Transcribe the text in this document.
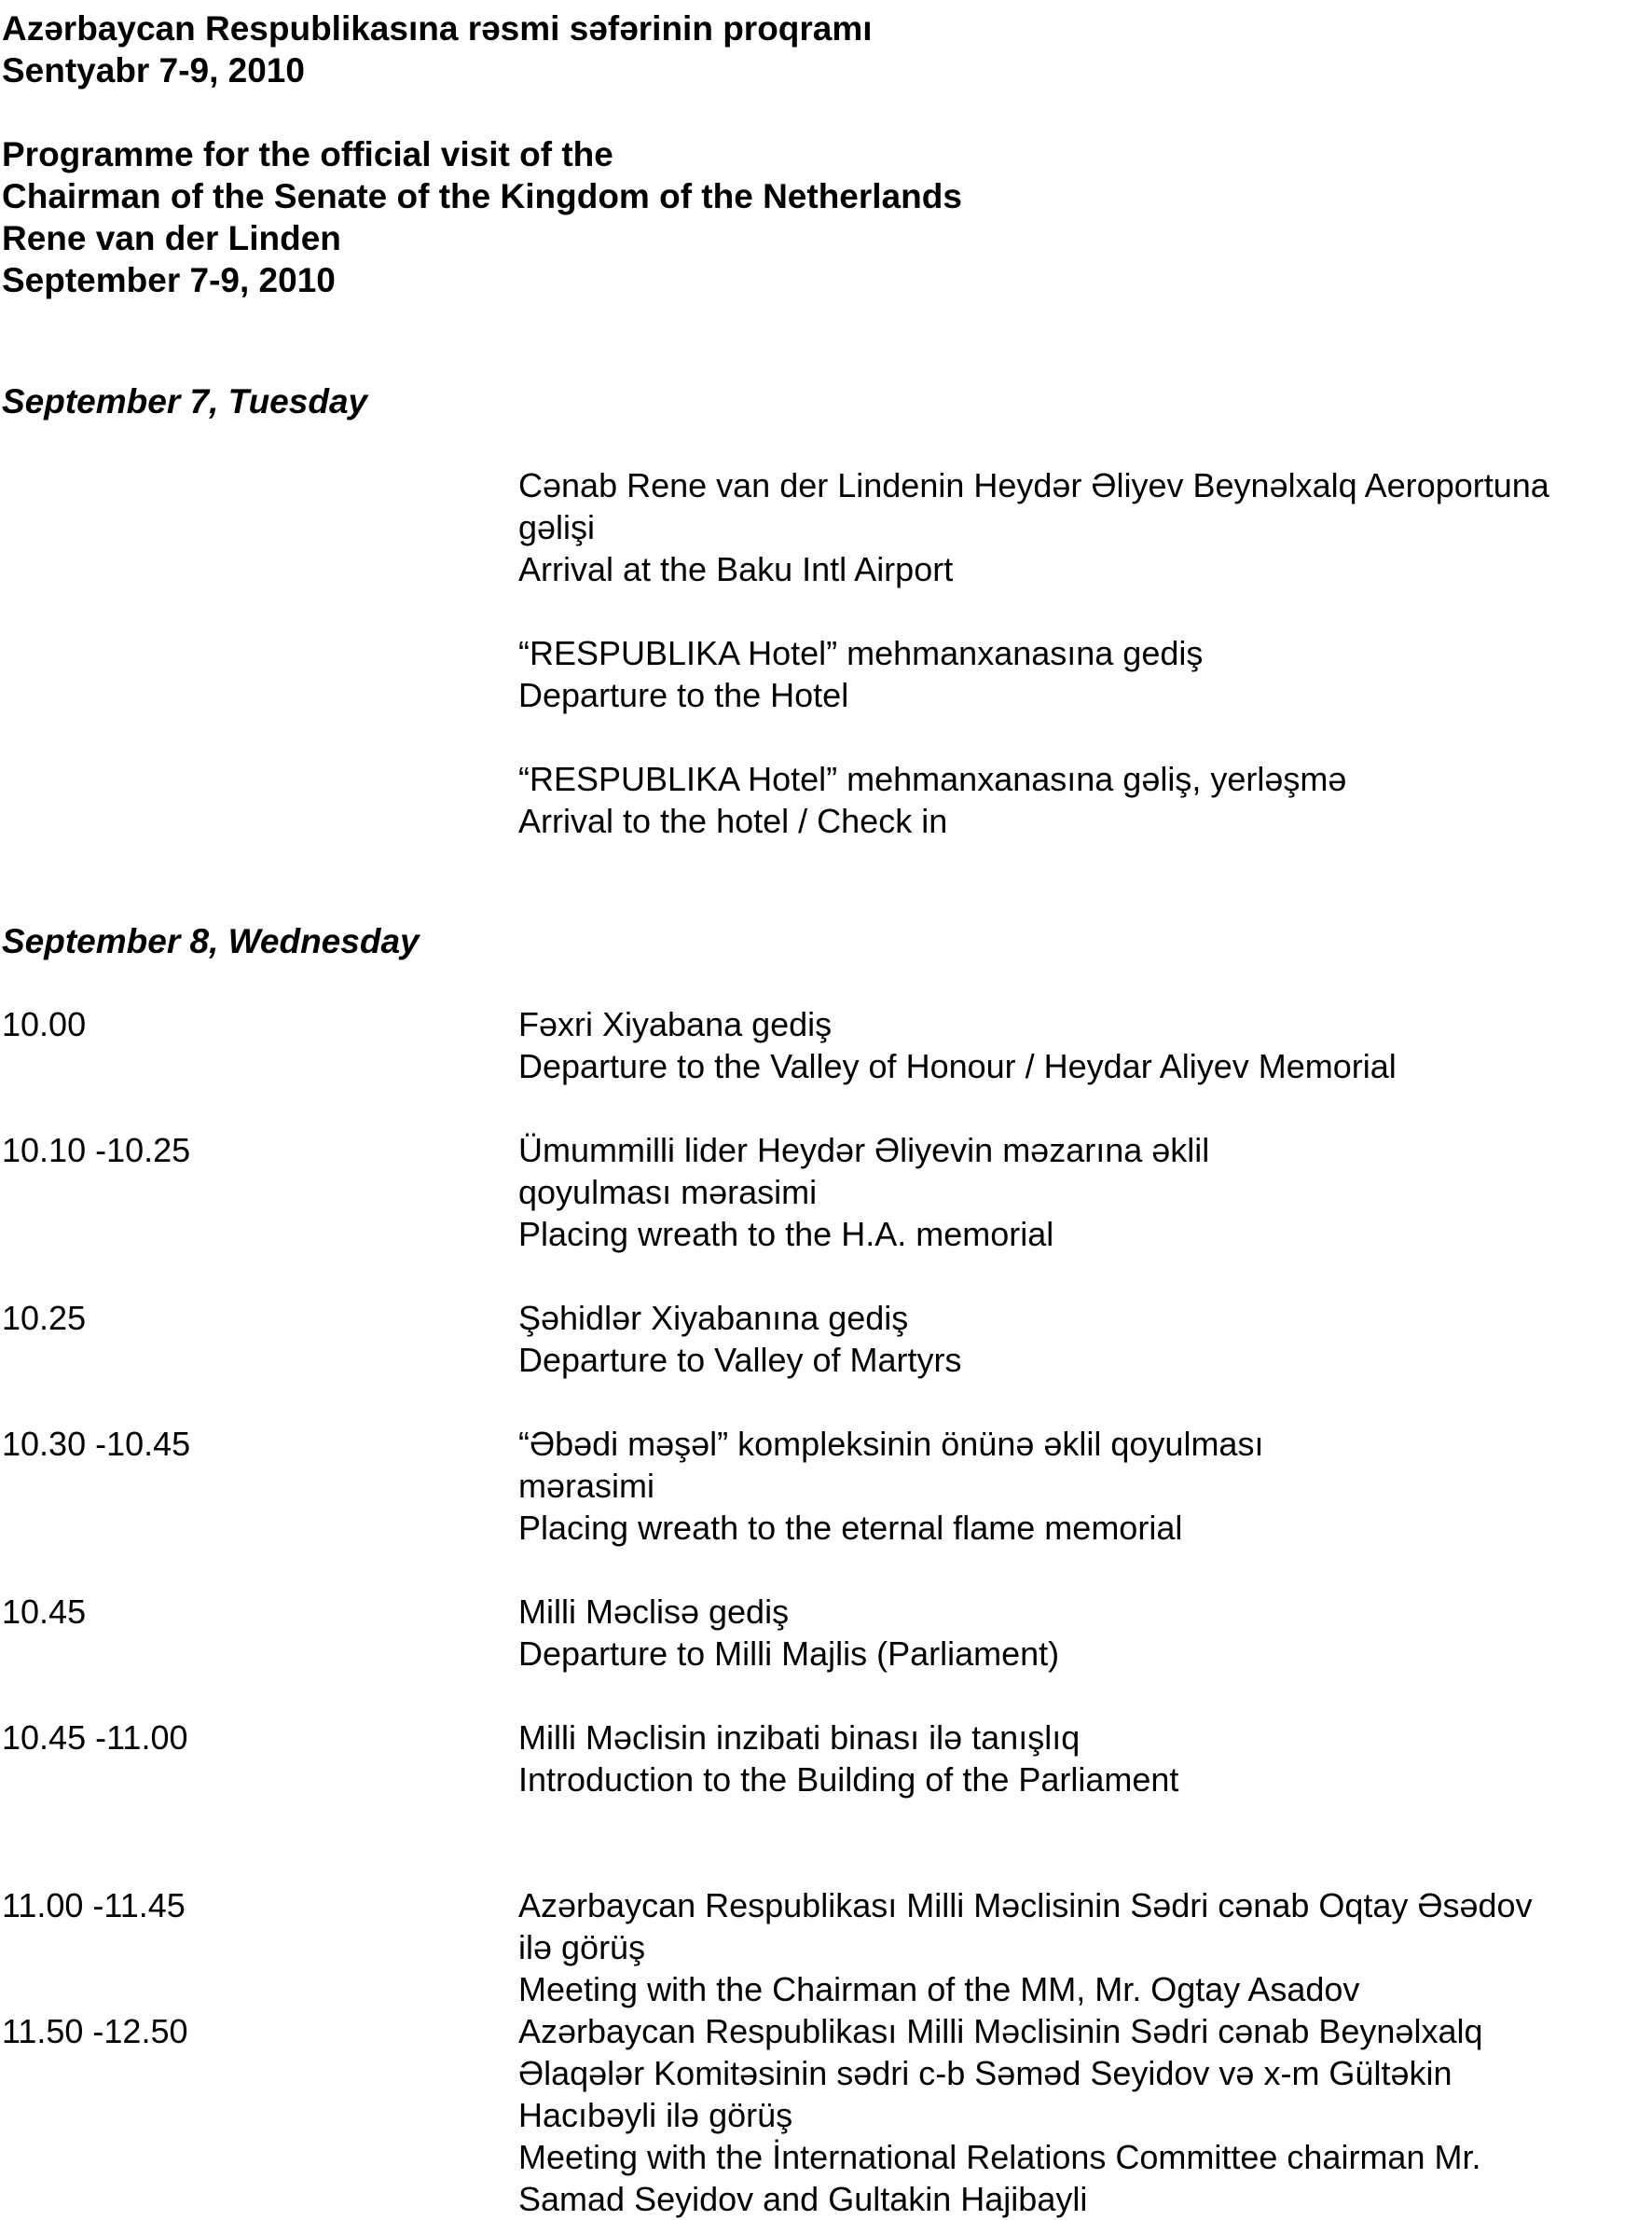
Azərbaycan Respublikasına rəsmi səfərinin proqramı
Sentyabr 7-9, 2010
Programme for the official visit of the
Chairman of the Senate of the Kingdom of the Netherlands
Rene van der Linden
September 7-9, 2010
September 7, Tuesday
Cənab Rene van der Lindenin Heydər Əliyev Beynəlxalq Aeroportuna
gəlişi
Arrival at the Baku Intl Airport
“RESPUBLIKA Hotel” mehmanxanasına gediş
Departure to the Hotel
“RESPUBLIKA Hotel” mehmanxanasına gəliş, yerləşmə
Arrival to the hotel / Check in
September 8, Wednesday
10.00	Fəxri Xiyabana gediş
Departure to the Valley of Honour / Heydar Aliyev Memorial
10.10 -10.25	Ümummilli lider Heydər Əliyevin məzarına əklil
qoyulması mərasimi
Placing wreath to the H.A. memorial
10.25	Şəhidlər Xiyabanına gediş
Departure to Valley of Martyrs
10.30 -10.45	“Əbədi məşəl” kompleksinin önünə əklil qoyulması
mərasimi
Placing wreath to the eternal flame memorial
10.45	Milli Məclisə gediş
Departure to Milli Majlis (Parliament)
10.45 -11.00	Milli Məclisin inzibati binası ilə tanışlıq
Introduction to the Building of the Parliament
11.00 -11.45	Azərbaycan Respublikası Milli Məclisinin Sədri cənab Oqtay Əsədov
ilə görüş
Meeting with the Chairman of the MM, Mr. Ogtay Asadov
11.50 -12.50	Azərbaycan Respublikası Milli Məclisinin Sədri cənab Beynəlxalq
Əlaqələr Komitəsinin sədri c-b Səməd Seyidov və x-m Gültəkin
Hacıbəyli ilə görüş
Meeting with the İnternational Relations Committee chairman Mr.
Samad Seyidov and Gultakin Hajibayli
